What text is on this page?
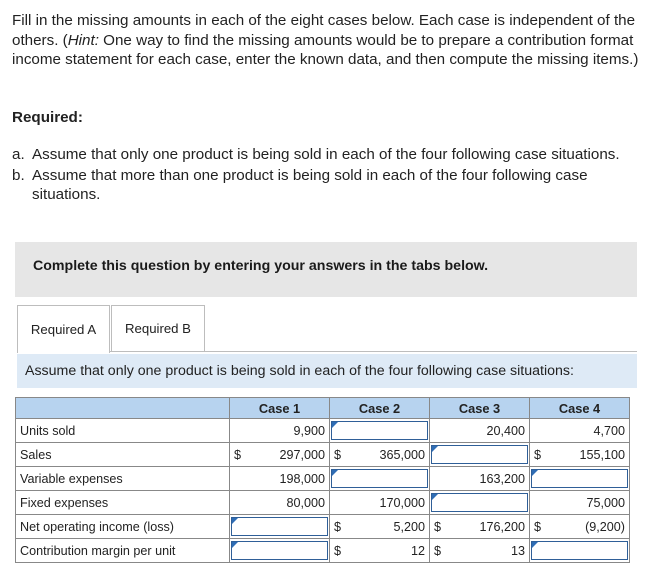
Fill in the missing amounts in each of the eight cases below. Each case is independent of the others. (Hint: One way to find the missing amounts would be to prepare a contribution format income statement for each case, enter the known data, and then compute the missing items.)
Required:
a. Assume that only one product is being sold in each of the four following case situations.
b. Assume that more than one product is being sold in each of the four following case situations.
Complete this question by entering your answers in the tabs below.
Required A	Required B
Assume that only one product is being sold in each of the four following case situations:
	Case 1	Case 2	Case 3	Case 4
Units sold	9,900		20,400	4,700

Sales	$ 297,000	$ 365,000		$ 155,100

Variable expenses	198,000		163,200	

Fixed expenses	80,000	170,000		75,000

Net operating income (loss)		$ 5,200	$ 176,200	$ (9,200)

Contribution margin per unit		$ 12	$ 13	
